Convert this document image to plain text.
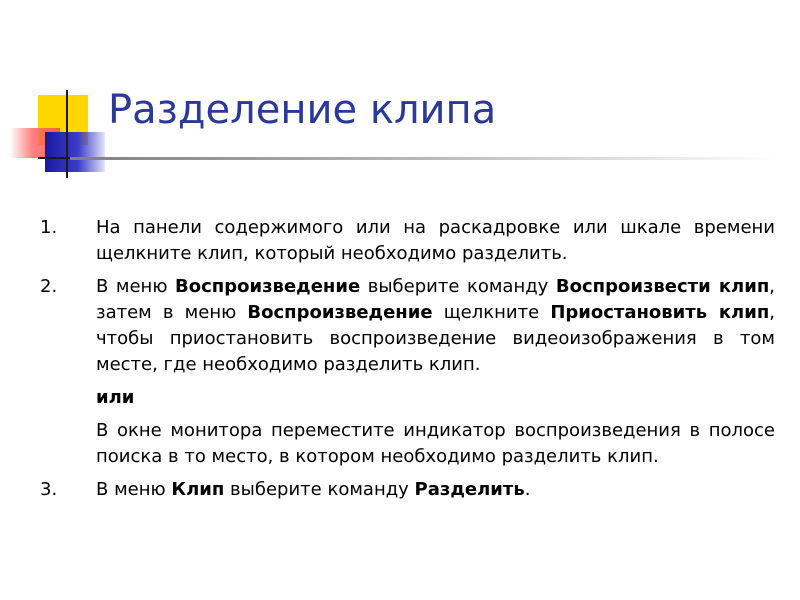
Разделение клипа
1.	На панели содержимого или на раскадровке или шкале времени щелкните клип, который необходимо разделить.
2.	В меню Воспроизведение выберите команду Воспроизвести клип, затем в меню Воспроизведение щелкните Приостановить клип, чтобы приостановить воспроизведение видеоизображения в том месте, где необходимо разделить клип.
или
В окне монитора переместите индикатор воспроизведения в полосе поиска в то место, в котором необходимо разделить клип.
3.	В меню Клип выберите команду Разделить.
